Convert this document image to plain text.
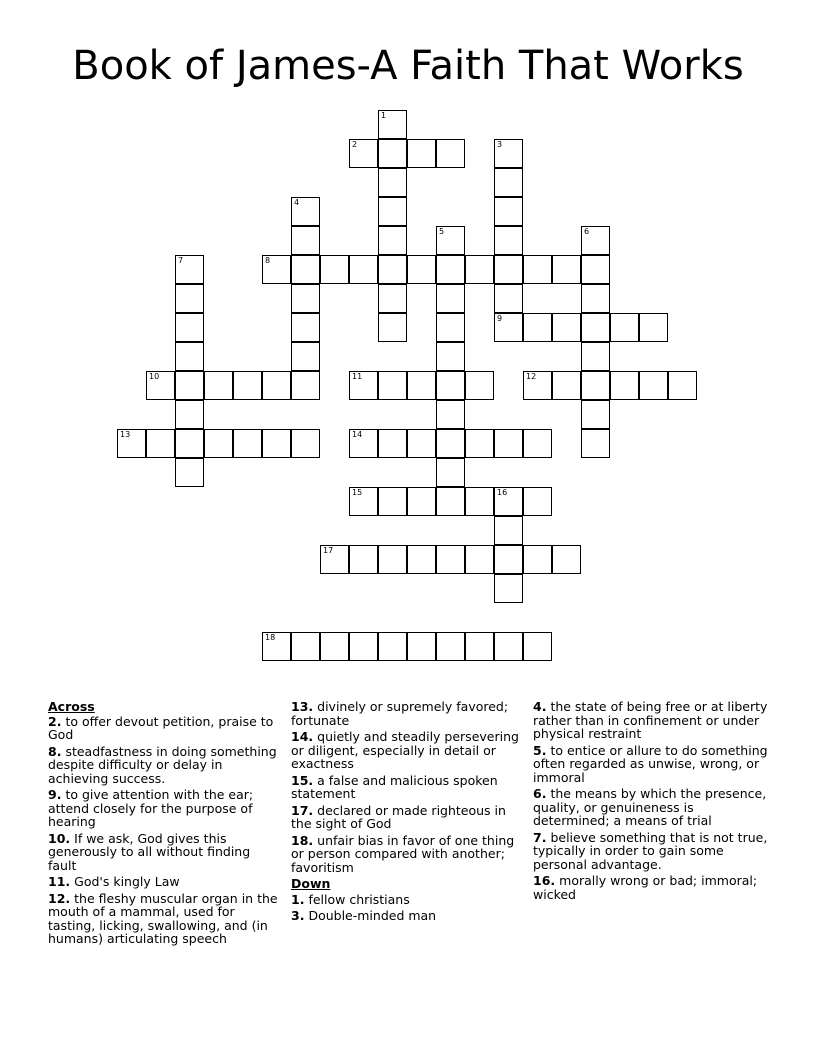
Book of James-A Faith That Works
1
2	3
9
4
5	6
7	8
10	11	12
13	14
15	16
17
18
Across
2. to offer devout petition, praise to God
8. steadfastness in doing something despite difficulty or delay in achieving success.
9. to give attention with the ear; attend closely for the purpose of hearing
10. If we ask, God gives this generously to all without finding fault
11. God's kingly Law
12. the fleshy muscular organ in the mouth of a mammal, used for tasting, licking, swallowing, and (in humans) articulating speech
13. divinely or supremely favored; fortunate
14. quietly and steadily persevering or diligent, especially in detail or exactness
15. a false and malicious spoken statement
17. declared or made righteous in the sight of God
18. unfair bias in favor of one thing or person compared with another; favoritism
Down
1. fellow christians
3. Double-minded man
4. the state of being free or at liberty rather than in confinement or under physical restraint
5. to entice or allure to do something often regarded as unwise, wrong, or immoral
6. the means by which the presence, quality, or genuineness is determined; a means of trial
7. believe something that is not true, typically in order to gain some personal advantage.
16. morally wrong or bad; immoral; wicked
